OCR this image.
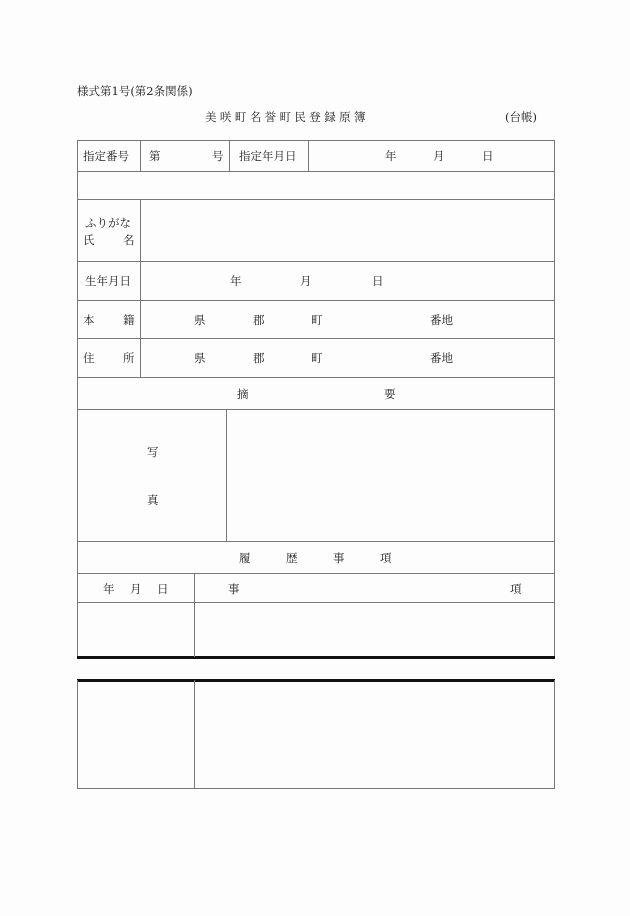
様式第1号(第2条関係)
美咲町名誉町民登録原簿	(台帳)
指定番号 第	号 指定年月日	年	月	日
ふりがな
氏 名
生年月日	年	月	日
本 籍	県	郡	町	番地
住 所	県	郡	町	番地
摘	要
写
真
履	歴	事	項
年 月 日	事	項
